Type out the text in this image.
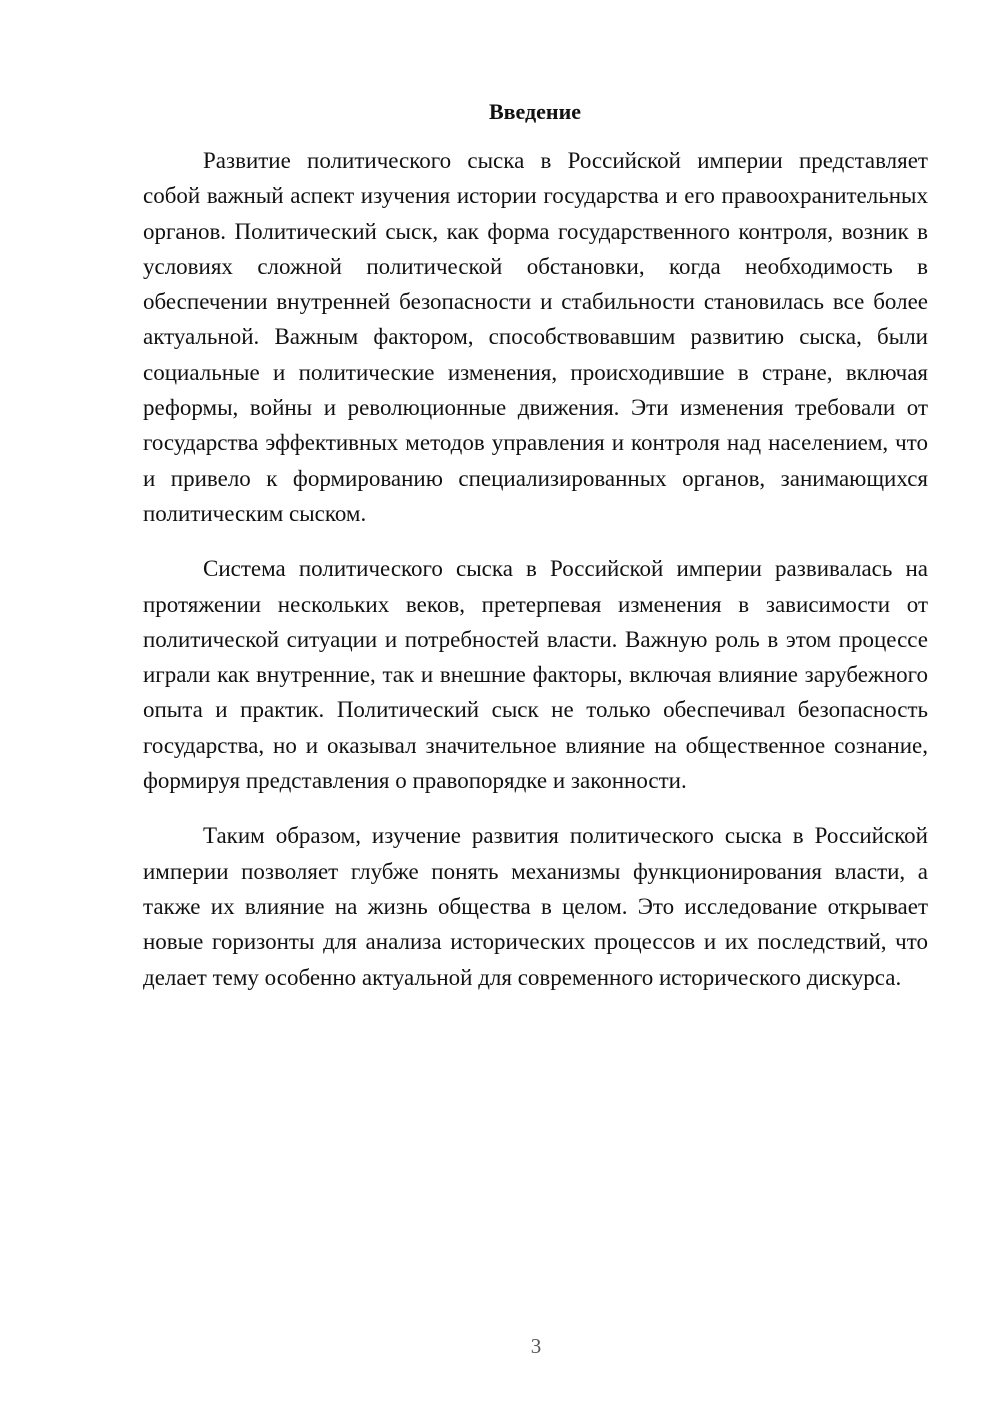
Введение

Развитие политического сыска в Российской империи представляет собой важный аспект изучения истории государства и его правоохранительных органов. Политический сыск, как форма государственного контроля, возник в условиях сложной политической обстановки, когда необходимость в обеспечении внутренней безопасности и стабильности становилась все более актуальной. Важным фактором, способствовавшим развитию сыска, были социальные и политические изменения, происходившие в стране, включая реформы, войны и революционные движения. Эти изменения требовали от государства эффективных методов управления и контроля над населением, что и привело к формированию специализированных органов, занимающихся политическим сыском.

Система политического сыска в Российской империи развивалась на протяжении нескольких веков, претерпевая изменения в зависимости от политической ситуации и потребностей власти. Важную роль в этом процессе играли как внутренние, так и внешние факторы, включая влияние зарубежного опыта и практик. Политический сыск не только обеспечивал безопасность государства, но и оказывал значительное влияние на общественное сознание, формируя представления о правопорядке и законности.

Таким образом, изучение развития политического сыска в Российской империи позволяет глубже понять механизмы функционирования власти, а также их влияние на жизнь общества в целом. Это исследование открывает новые горизонты для анализа исторических процессов и их последствий, что делает тему особенно актуальной для современного исторического дискурса.

3
